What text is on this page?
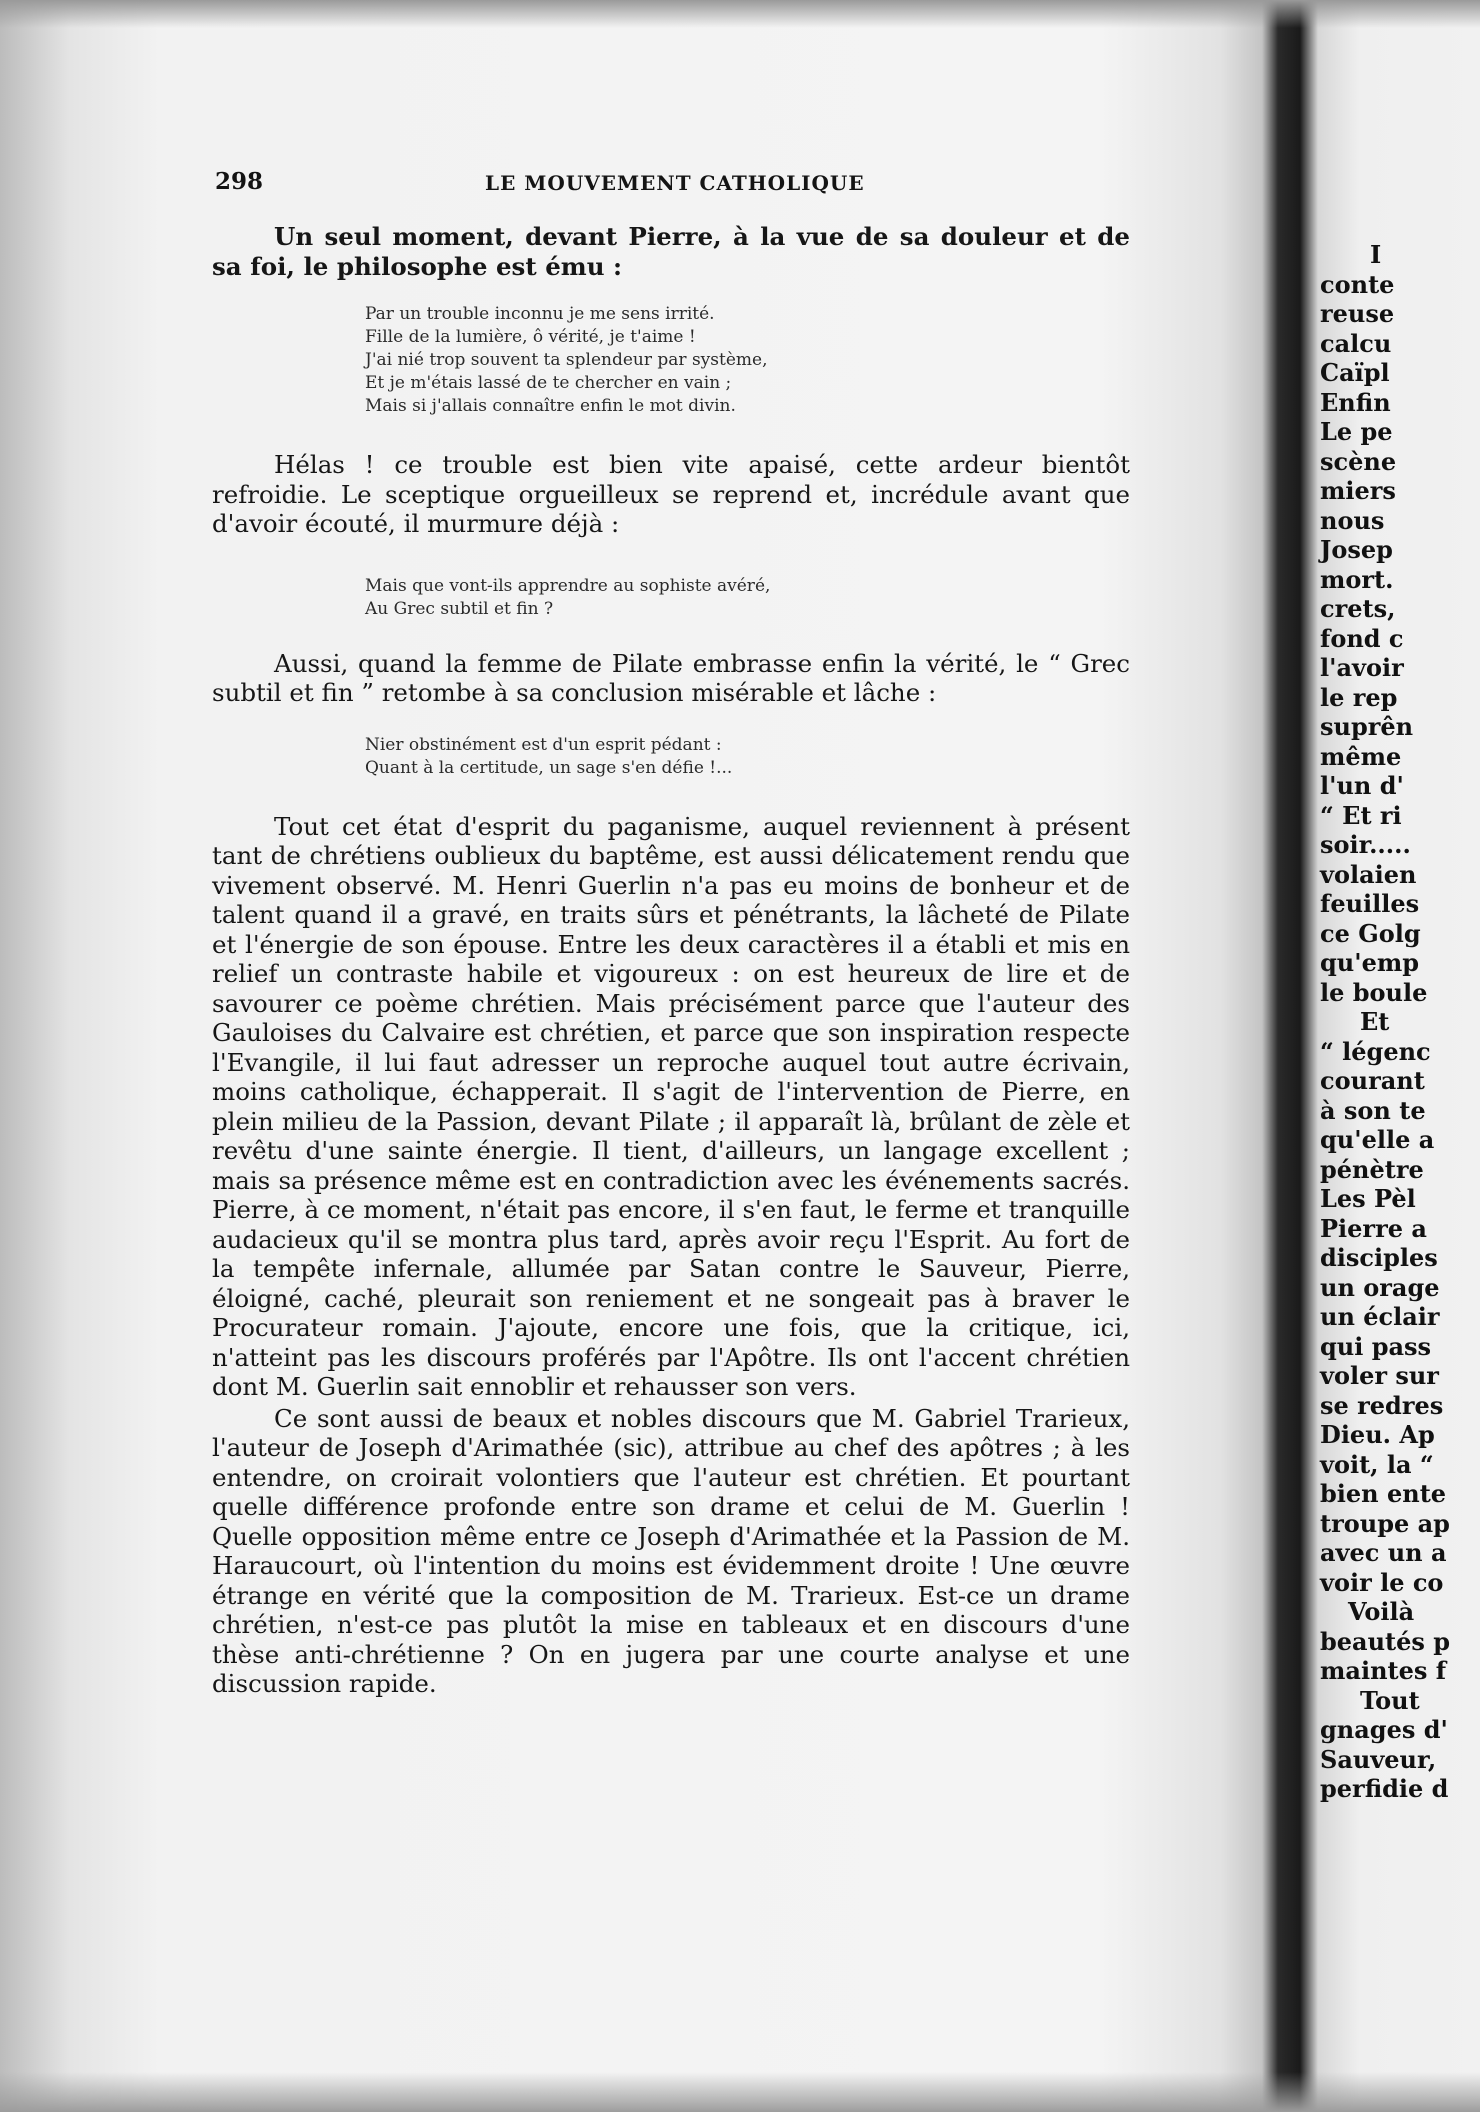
298	LE MOUVEMENT CATHOLIQUE

Un seul moment, devant Pierre, à la vue de sa douleur et de sa foi, le philosophe est ému :

Par un trouble inconnu je me sens irrité.
Fille de la lumière, ô vérité, je t'aime !
J'ai nié trop souvent ta splendeur par système,
Et je m'étais lassé de te chercher en vain ;
Mais si j'allais connaître enfin le mot divin.

Hélas ! ce trouble est bien vite apaisé, cette ardeur bientôt refroidie. Le sceptique orgueilleux se reprend et, incrédule avant que d'avoir écouté, il murmure déjà :

Mais que vont-ils apprendre au sophiste avéré,
Au Grec subtil et fin ?

Aussi, quand la femme de Pilate embrasse enfin la vérité, le “ Grec subtil et fin ” retombe à sa conclusion misérable et lâche :

Nier obstinément est d'un esprit pédant :
Quant à la certitude, un sage s'en défie !...

Tout cet état d'esprit du paganisme, auquel reviennent à présent tant de chrétiens oublieux du baptême, est aussi délicatement rendu que vivement observé. M. Henri Guerlin n'a pas eu moins de bonheur et de talent quand il a gravé, en traits sûrs et pénétrants, la lâcheté de Pilate et l'énergie de son épouse. Entre les deux caractères il a établi et mis en relief un contraste habile et vigoureux : on est heureux de lire et de savourer ce poème chrétien. Mais précisément parce que l'auteur des Gauloises du Calvaire est chrétien, et parce que son inspiration respecte l'Evangile, il lui faut adresser un reproche auquel tout autre écrivain, moins catholique, échapperait. Il s'agit de l'intervention de Pierre, en plein milieu de la Passion, devant Pilate ; il apparaît là, brûlant de zèle et revêtu d'une sainte énergie. Il tient, d'ailleurs, un langage excellent ; mais sa présence même est en contradiction avec les événements sacrés. Pierre, à ce moment, n'était pas encore, il s'en faut, le ferme et tranquille audacieux qu'il se montra plus tard, après avoir reçu l'Esprit. Au fort de la tempête infernale, allumée par Satan contre le Sauveur, Pierre, éloigné, caché, pleurait son reniement et ne songeait pas à braver le Procurateur romain. J'ajoute, encore une fois, que la critique, ici, n'atteint pas les discours proférés par l'Apôtre. Ils ont l'accent chrétien dont M. Guerlin sait ennoblir et rehausser son vers.

Ce sont aussi de beaux et nobles discours que M. Gabriel Trarieux, l'auteur de Joseph d'Arimathée (sic), attribue au chef des apôtres ; à les entendre, on croirait volontiers que l'auteur est chrétien. Et pourtant quelle différence profonde entre son drame et celui de M. Guerlin ! Quelle opposition même entre ce Joseph d'Arimathée et la Passion de M. Haraucourt, où l'intention du moins est évidemment droite ! Une œuvre étrange en vérité que la composition de M. Trarieux. Est-ce un drame chrétien, n'est-ce pas plutôt la mise en tableaux et en discours d'une thèse anti-chrétienne ? On en jugera par une courte analyse et une discussion rapide.

I
conte
reuse
calcu
Caïpl
Enfin
Le pe
scène
miers
nous
Josep
mort.
crets,
fond c
l'avoir
le rep
suprên
même
l'un d'
“ Et ri
soir.....
volaien
feuilles
ce Golg
qu'emp
le boule
Et
“ légenc
courant
à son te
qu'elle a
pénètre
Les Pèl
Pierre a
disciples
un orage
un éclair
qui pass
voler sur
se redres
Dieu. Ap
voit, la “
bien ente
troupe ap
avec un a
voir le co
Voilà
beautés p
maintes f
Tout
gnages d'
Sauveur,
perfidie d
